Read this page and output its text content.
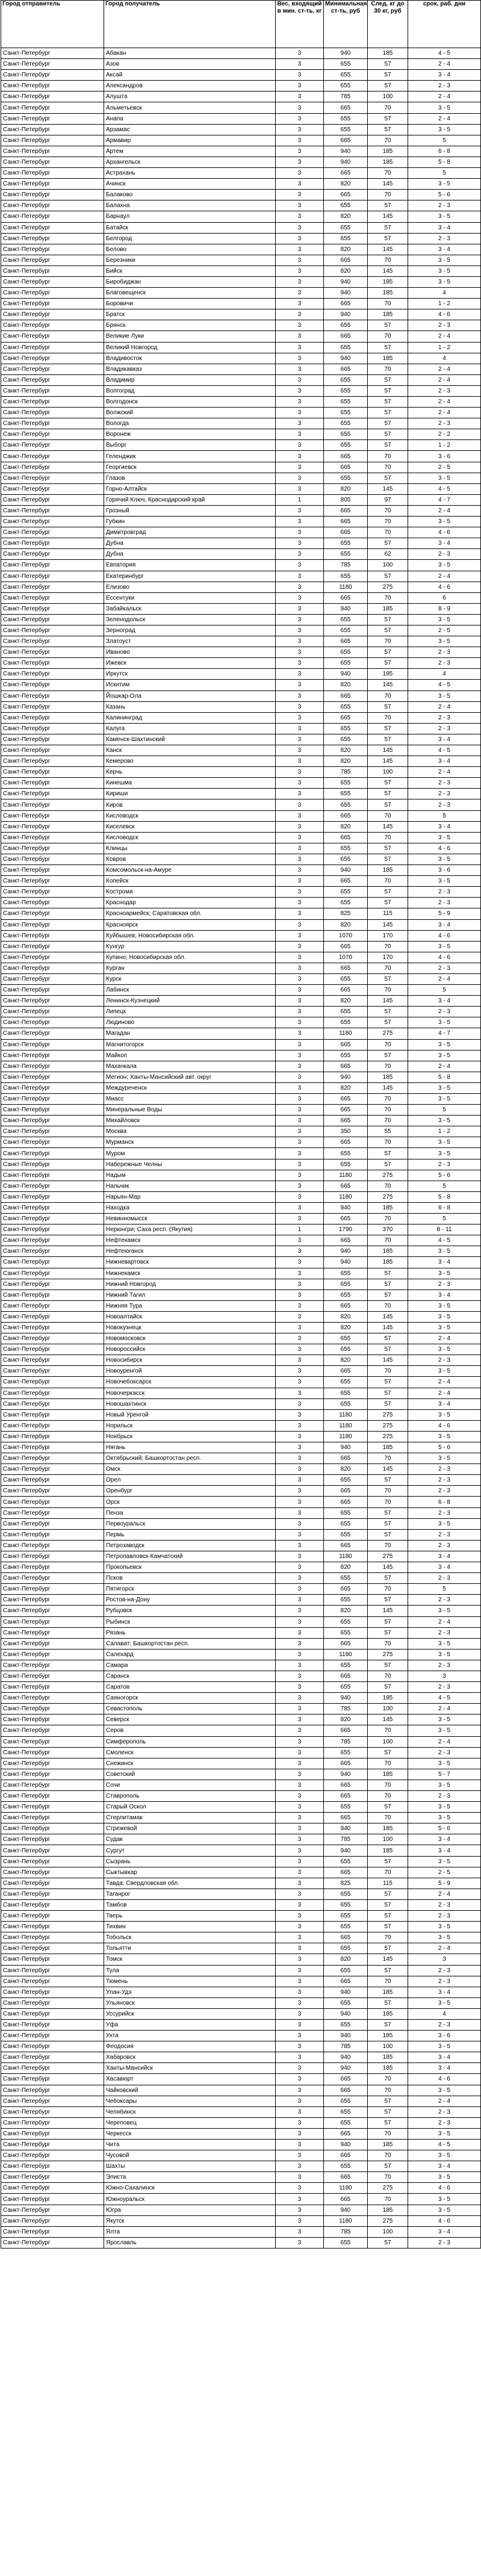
Город отправитель	Город получатель	Вес, входящий в мин. ст-ть, кг	Минимальная ст-ть, руб	След. кг до 30 кг, руб	срок, раб. дни
Санкт-Петербург	Абакан	3	940	185	4 - 5
Санкт-Петербург	Азов	3	655	57	2 - 4
Санкт-Петербург	Аксай	3	655	57	3 - 4
Санкт-Петербург	Александров	3	655	57	2 - 3
Санкт-Петербург	Алушта	3	785	100	2 - 4
Санкт-Петербург	Альметьевск	3	665	70	3 - 5
Санкт-Петербург	Анапа	3	655	57	2 - 4
Санкт-Петербург	Арзамас	3	655	57	3 - 5
Санкт-Петербург	Армавир	3	665	70	5
Санкт-Петербург	Артем	3	940	185	6 - 8
Санкт-Петербург	Архангельск	3	940	185	5 - 8
Санкт-Петербург	Астрахань	3	665	70	5
Санкт-Петербург	Ачинск	3	820	145	3 - 5
Санкт-Петербург	Балаково	3	665	70	5 - 6
Санкт-Петербург	Балахна	3	655	57	2 - 3
Санкт-Петербург	Барнаул	3	820	145	3 - 5
Санкт-Петербург	Батайск	3	655	57	3 - 4
Санкт-Петербург	Белгород	3	655	57	2 - 3
Санкт-Петербург	Белово	3	820	145	3 - 4
Санкт-Петербург	Березники	3	665	70	3 - 5
Санкт-Петербург	Бийск	3	820	145	3 - 5
Санкт-Петербург	Биробиджан	3	940	185	3 - 5
Санкт-Петербург	Благовещенск	3	940	185	4
Санкт-Петербург	Боровичи	3	665	70	1 - 2
Санкт-Петербург	Братск	3	940	185	4 - 6
Санкт-Петербург	Брянск	3	655	57	2 - 3
Санкт-Петербург	Великие Луки	3	665	70	2 - 4
Санкт-Петербург	Великий Новгород	3	655	57	1 - 2
Санкт-Петербург	Владивосток	3	940	185	4
Санкт-Петербург	Владикавказ	3	665	70	2 - 4
Санкт-Петербург	Владимир	3	655	57	2 - 4
Санкт-Петербург	Волгоград	3	655	57	2 - 3
Санкт-Петербург	Волгодонск	3	655	57	2 - 4
Санкт-Петербург	Волжский	3	655	57	2 - 4
Санкт-Петербург	Вологда	3	655	57	2 - 3
Санкт-Петербург	Воронеж	3	655	57	2 - 2
Санкт-Петербург	Выборг	3	655	57	1 - 2
Санкт-Петербург	Геленджик	3	665	70	3 - 6
Санкт-Петербург	Георгиевск	3	665	70	2 - 5
Санкт-Петербург	Глазов	3	655	57	3 - 5
Санкт-Петербург	Горно-Алтайск	3	820	145	4 - 5
Санкт-Петербург	Горячий Ключ, Краснодарский край	1	805	97	4 - 7
Санкт-Петербург	Грозный	3	665	70	2 - 4
Санкт-Петербург	Губкин	3	665	70	3 - 5
Санкт-Петербург	Димитровград	3	665	70	4 - 6
Санкт-Петербург	Дубна	3	655	57	3 - 4
Санкт-Петербург	Дубна	3	655	62	2 - 3
Санкт-Петербург	Евпатория	3	785	100	3 - 5
Санкт-Петербург	Екатеринбург	3	655	57	2 - 4
Санкт-Петербург	Елизово	3	1180	275	4 - 6
Санкт-Петербург	Ессентуки	3	665	70	6
Санкт-Петербург	Забайкальск	3	940	185	8 - 9
Санкт-Петербург	Зеленодольск	3	655	57	3 - 5
Санкт-Петербург	Зерноград	3	655	57	2 - 5
Санкт-Петербург	Златоуст	3	665	70	3 - 5
Санкт-Петербург	Иваново	3	655	57	2 - 3
Санкт-Петербург	Ижевск	3	655	57	2 - 3
Санкт-Петербург	Иркутск	3	940	185	4
Санкт-Петербург	Искитим	3	820	145	4 - 5
Санкт-Петербург	Йошкар-Ола	3	665	70	3 - 5
Санкт-Петербург	Казань	3	655	57	2 - 4
Санкт-Петербург	Калининград	3	665	70	2 - 3
Санкт-Петербург	Калуга	3	655	57	2 - 3
Санкт-Петербург	Каменск-Шахтинский	3	655	57	3 - 4
Санкт-Петербург	Канск	3	820	145	4 - 5
Санкт-Петербург	Кемерово	3	820	145	3 - 4
Санкт-Петербург	Керчь	3	785	100	2 - 4
Санкт-Петербург	Кинешма	3	655	57	2 - 3
Санкт-Петербург	Кириши	3	655	57	2 - 3
Санкт-Петербург	Киров	3	655	57	2 - 3
Санкт-Петербург	Кисловодск	3	665	70	5
Санкт-Петербург	Киселевск	3	820	145	3 - 4
Санкт-Петербург	Кисловодск	3	665	70	3 - 5
Санкт-Петербург	Клинцы	3	655	57	4 - 6
Санкт-Петербург	Ковров	3	655	57	3 - 5
Санкт-Петербург	Комсомольск-на-Амуре	3	940	185	3 - 6
Санкт-Петербург	Копейск	3	665	70	3 - 5
Санкт-Петербург	Кострома	3	655	57	2 - 3
Санкт-Петербург	Краснодар	3	655	57	2 - 3
Санкт-Петербург	Красноармейск; Саратовская обл.	3	825	115	5 - 9
Санкт-Петербург	Красноярск	3	820	145	3 - 4
Санкт-Петербург	Куйбышев; Новосибирская обл.	3	1070	170	4 - 6
Санкт-Петербург	Кунгур	3	665	70	3 - 5
Санкт-Петербург	Купино; Новосибирская обл.	3	1070	170	4 - 6
Санкт-Петербург	Курган	3	665	70	2 - 3
Санкт-Петербург	Курск	3	655	57	2 - 4
Санкт-Петербург	Лабинск	3	665	70	5
Санкт-Петербург	Ленинск-Кузнецкий	3	820	145	3 - 4
Санкт-Петербург	Липецк	3	655	57	2 - 3
Санкт-Петербург	Людиново	3	655	57	3 - 5
Санкт-Петербург	Магадан	3	1180	275	4 - 7
Санкт-Петербург	Магнитогорск	3	665	70	3 - 5
Санкт-Петербург	Майкоп	3	655	57	3 - 5
Санкт-Петербург	Махачкала	3	665	70	2 - 4
Санкт-Петербург	Мегион; Ханты-Мансийский авт. округ	3	940	185	5 - 8
Санкт-Петербург	Междуреченск	3	820	145	3 - 5
Санкт-Петербург	Миасс	3	665	70	3 - 5
Санкт-Петербург	Минеральные Воды	3	665	70	5
Санкт-Петербург	Михайловск	3	665	70	3 - 5
Санкт-Петербург	Москва	3	350	55	1 - 2
Санкт-Петербург	Мурманск	3	665	70	3 - 5
Санкт-Петербург	Муром	3	655	57	3 - 5
Санкт-Петербург	Набережные Челны	3	655	57	2 - 3
Санкт-Петербург	Надым	3	1180	275	5 - 6
Санкт-Петербург	Нальчик	3	665	70	5
Санкт-Петербург	Нарьян-Мар	3	1180	275	5 - 8
Санкт-Петербург	Находка	3	940	185	6 - 8
Санкт-Петербург	Невинномысск	3	665	70	5
Санкт-Петербург	Нерюнгри; Саха респ. (Якутия)	1	1790	370	8 - 11
Санкт-Петербург	Нефтекамск	3	665	70	4 - 5
Санкт-Петербург	Нефтеюганск	3	940	185	3 - 5
Санкт-Петербург	Нижневартовск	3	940	185	3 - 4
Санкт-Петербург	Нижнекамск	3	655	57	3 - 5
Санкт-Петербург	Нижний Новгород	3	655	57	2 - 3
Санкт-Петербург	Нижний Тагил	3	655	57	3 - 4
Санкт-Петербург	Нижняя Тура	3	665	70	3 - 5
Санкт-Петербург	Новоалтайск	3	820	145	3 - 5
Санкт-Петербург	Новокузнецк	3	820	145	3 - 5
Санкт-Петербург	Новомосковск	3	655	57	2 - 4
Санкт-Петербург	Новороссийск	3	655	57	3 - 5
Санкт-Петербург	Новосибирск	3	820	145	2 - 3
Санкт-Петербург	Новоуренгой	3	665	70	3 - 5
Санкт-Петербург	Новочебоксарск	3	655	57	2 - 4
Санкт-Петербург	Новочеркасск	3	655	57	2 - 4
Санкт-Петербург	Новошахтинск	3	655	57	3 - 4
Санкт-Петербург	Новый Уренгой	3	1180	275	3 - 5
Санкт-Петербург	Норильск	3	1180	275	4 - 6
Санкт-Петербург	Ноябрьск	3	1180	275	3 - 5
Санкт-Петербург	Нягань	3	940	185	5 - 6
Санкт-Петербург	Октябрьский; Башкортостан респ.	3	665	70	3 - 5
Санкт-Петербург	Омск	3	820	145	2 - 3
Санкт-Петербург	Орел	3	655	57	2 - 3
Санкт-Петербург	Оренбург	3	665	70	2 - 3
Санкт-Петербург	Орск	3	665	70	6 - 8
Санкт-Петербург	Пенза	3	655	57	2 - 3
Санкт-Петербург	Первоуральск	3	655	57	3 - 5
Санкт-Петербург	Пермь	3	655	57	2 - 3
Санкт-Петербург	Петрозаводск	3	665	70	2 - 3
Санкт-Петербург	Петропавловск-Камчатский	3	1180	275	3 - 4
Санкт-Петербург	Прокопьевск	3	820	145	3 - 4
Санкт-Петербург	Псков	3	655	57	2 - 3
Санкт-Петербург	Пятигорск	3	665	70	5
Санкт-Петербург	Ростов-на-Дону	3	655	57	2 - 3
Санкт-Петербург	Рубцовск	3	820	145	3 - 5
Санкт-Петербург	Рыбинск	3	655	57	2 - 4
Санкт-Петербург	Рязань	3	655	57	2 - 3
Санкт-Петербург	Салават; Башкортостан респ.	3	665	70	3 - 5
Санкт-Петербург	Салехард	3	1180	275	3 - 5
Санкт-Петербург	Самара	3	655	57	2 - 3
Санкт-Петербург	Саранск	3	665	70	3
Санкт-Петербург	Саратов	3	655	57	2 - 3
Санкт-Петербург	Саяногорск	3	940	185	4 - 5
Санкт-Петербург	Севастополь	3	785	100	2 - 4
Санкт-Петербург	Северск	3	820	145	3 - 5
Санкт-Петербург	Серов	3	665	70	3 - 5
Санкт-Петербург	Симферополь	3	785	100	2 - 4
Санкт-Петербург	Смоленск	3	655	57	2 - 3
Санкт-Петербург	Снежинск	3	665	70	3 - 5
Санкт-Петербург	Советский	3	940	185	5 - 7
Санкт-Петербург	Сочи	3	665	70	3 - 5
Санкт-Петербург	Ставрополь	3	665	70	2 - 3
Санкт-Петербург	Старый Оскол	3	655	57	3 - 5
Санкт-Петербург	Стерлитамак	3	665	70	3 - 5
Санкт-Петербург	Стрежевой	3	940	185	5 - 6
Санкт-Петербург	Судак	3	785	100	3 - 4
Санкт-Петербург	Сургут	3	940	185	3 - 4
Санкт-Петербург	Сызрань	3	655	57	3 - 5
Санкт-Петербург	Сыктывкар	3	665	70	2 - 5
Санкт-Петербург	Тавда; Свердловская обл.	3	825	115	5 - 9
Санкт-Петербург	Таганрог	3	655	57	2 - 4
Санкт-Петербург	Тамбов	3	655	57	2 - 3
Санкт-Петербург	Тверь	3	655	57	2 - 3
Санкт-Петербург	Тихвин	3	655	57	3 - 5
Санкт-Петербург	Тобольск	3	665	70	3 - 5
Санкт-Петербург	Тольятти	3	655	57	2 - 4
Санкт-Петербург	Томск	3	820	145	3
Санкт-Петербург	Тула	3	655	57	2 - 3
Санкт-Петербург	Тюмень	3	665	70	2 - 3
Санкт-Петербург	Улан-Удэ	3	940	185	3 - 4
Санкт-Петербург	Ульяновск	3	655	57	3 - 5
Санкт-Петербург	Уссурийск	3	940	185	4
Санкт-Петербург	Уфа	3	655	57	2 - 3
Санкт-Петербург	Ухта	3	940	185	3 - 6
Санкт-Петербург	Феодосия	3	785	100	3 - 5
Санкт-Петербург	Хабаровск	3	940	185	3 - 4
Санкт-Петербург	Ханты-Мансийск	3	940	185	3 - 4
Санкт-Петербург	Хасавюрт	3	665	70	4 - 6
Санкт-Петербург	Чайковский	3	665	70	3 - 5
Санкт-Петербург	Чебоксары	3	655	57	2 - 4
Санкт-Петербург	Челябинск	3	655	57	2 - 3
Санкт-Петербург	Череповец	3	655	57	2 - 3
Санкт-Петербург	Черкесск	3	665	70	3 - 5
Санкт-Петербург	Чита	3	940	185	4 - 5
Санкт-Петербург	Чусовой	3	665	70	3 - 5
Санкт-Петербург	Шахты	3	655	57	3 - 4
Санкт-Петербург	Элиста	3	665	70	3 - 5
Санкт-Петербург	Южно-Сахалинск	3	1180	275	4 - 6
Санкт-Петербург	Южноуральск	3	665	70	3 - 5
Санкт-Петербург	Югра	3	940	185	3 - 5
Санкт-Петербург	Якутск	3	1180	275	4 - 6
Санкт-Петербург	Ялта	3	785	100	3 - 4
Санкт-Петербург	Ярославль	3	655	57	2 - 3
